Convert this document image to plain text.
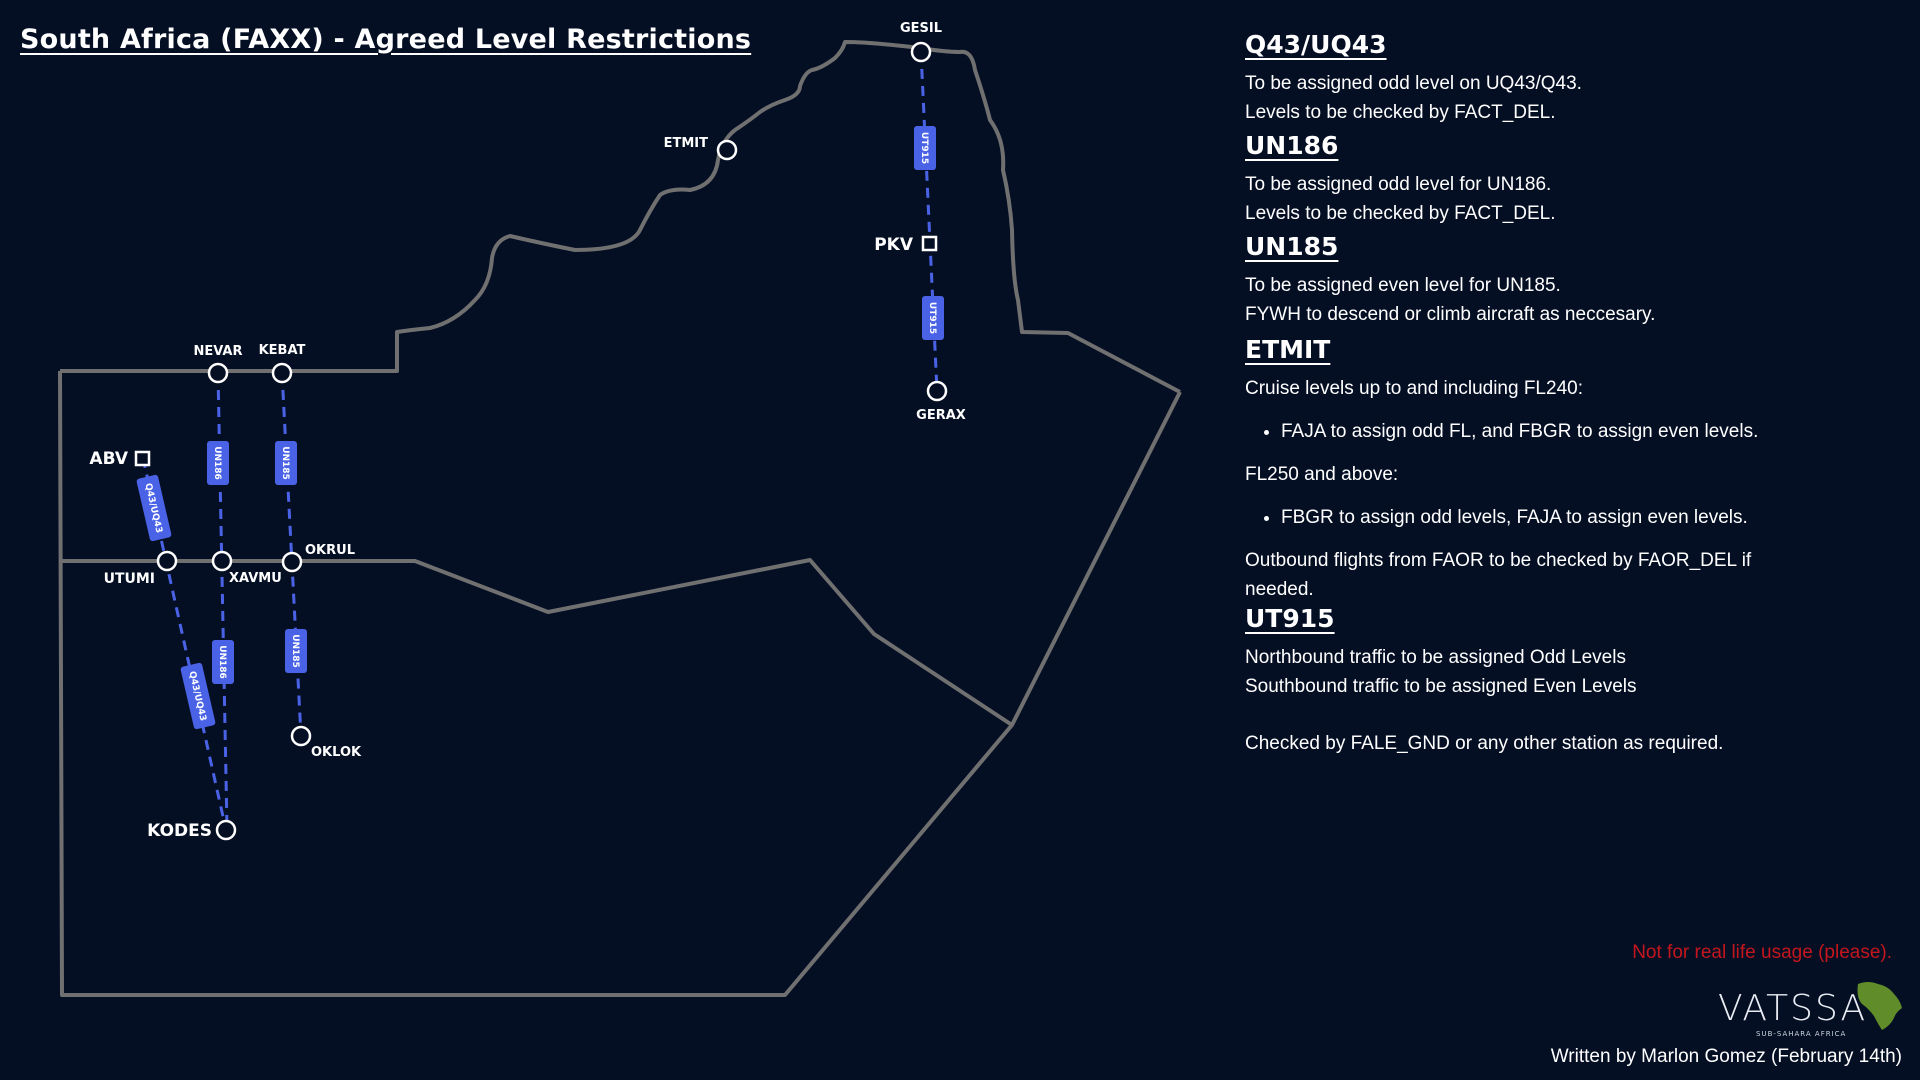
South Africa (FAXX) - Agreed Level Restrictions
UT915
UT915
UN186
UN186
UN185
UN185
Q43/UQ43
Q43/UQ43
GESIL
ETMIT
PKV
GERAX
NEVAR KEBAT
ABV
UTUMI	XAVMU
OKRUL
OKLOK
KODES
Q43/UQ43

To be assigned odd level on UQ43/Q43.

Levels to be checked by FACT_DEL.

UN186

To be assigned odd level for UN186.

Levels to be checked by FACT_DEL.

UN185

To be assigned even level for UN185.

FYWH to descend or climb aircraft as neccesary.

ETMIT

Cruise levels up to and including FL240:

• FAJA to assign odd FL, and FBGR to assign even levels.

FL250 and above:

• FBGR to assign odd levels, FAJA to assign even levels.

Outbound flights from FAOR to be checked by FAOR_DEL if needed.

UT915

Northbound traffic to be assigned Odd Levels

Southbound traffic to be assigned Even Levels

Checked by FALE_GND or any other station as required.

Not for real life usage (please).
VATSSA
SUB-SAHARA AFRICA
Written by Marlon Gomez (February 14th)
